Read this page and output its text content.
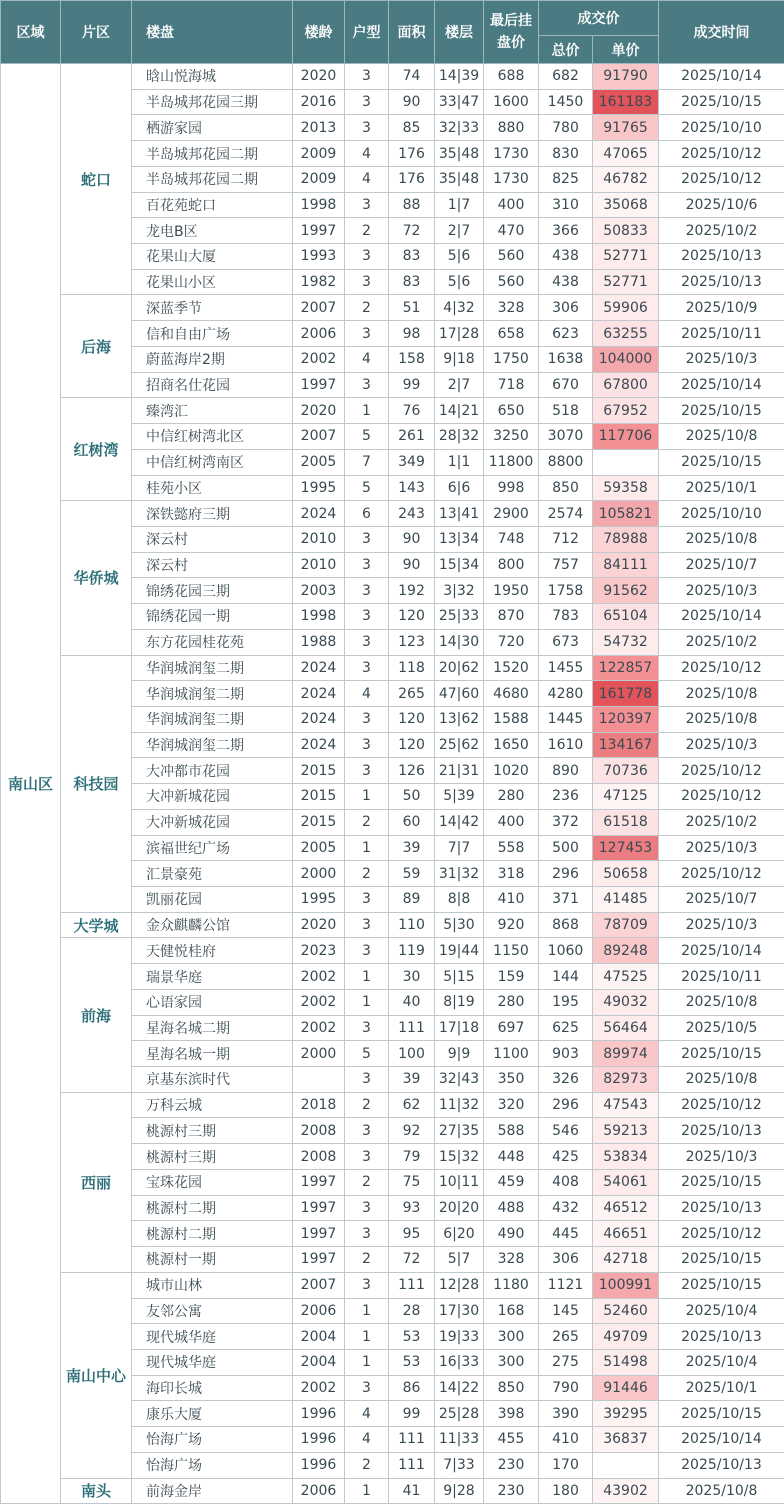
区域	片区	楼盘	楼龄	户型	面积	楼层	最后挂盘价	成交价		成交时间
								总价	单价	
南山区	蛇口	晗山悦海城	2020	3	74	14|39	688	682	91790	2025/10/14
		半岛城邦花园三期	2016	3	90	33|47	1600	1450	161183	2025/10/15
		栖游家园	2013	3	85	32|33	880	780	91765	2025/10/10
		半岛城邦花园二期	2009	4	176	35|48	1730	830	47065	2025/10/12
		半岛城邦花园二期	2009	4	176	35|48	1730	825	46782	2025/10/12
		百花苑蛇口	1998	3	88	1|7	400	310	35068	2025/10/6
		龙电B区	1997	2	72	2|7	470	366	50833	2025/10/2
		花果山大厦	1993	3	83	5|6	560	438	52771	2025/10/13
		花果山小区	1982	3	83	5|6	560	438	52771	2025/10/13
	后海	深蓝季节	2007	2	51	4|32	328	306	59906	2025/10/9
		信和自由广场	2006	3	98	17|28	658	623	63255	2025/10/11
		蔚蓝海岸2期	2002	4	158	9|18	1750	1638	104000	2025/10/3
		招商名仕花园	1997	3	99	2|7	718	670	67800	2025/10/14
	红树湾	臻湾汇	2020	1	76	14|21	650	518	67952	2025/10/15
		中信红树湾北区	2007	5	261	28|32	3250	3070	117706	2025/10/8
		中信红树湾南区	2005	7	349	1|1	11800	8800		2025/10/15
		桂苑小区	1995	5	143	6|6	998	850	59358	2025/10/1
	华侨城	深铁懿府三期	2024	6	243	13|41	2900	2574	105821	2025/10/10
		深云村	2010	3	90	13|34	748	712	78988	2025/10/8
		深云村	2010	3	90	15|34	800	757	84111	2025/10/7
		锦绣花园三期	2003	3	192	3|32	1950	1758	91562	2025/10/3
		锦绣花园一期	1998	3	120	25|33	870	783	65104	2025/10/14
		东方花园桂花苑	1988	3	123	14|30	720	673	54732	2025/10/2
	科技园	华润城润玺二期	2024	3	118	20|62	1520	1455	122857	2025/10/12
		华润城润玺二期	2024	4	265	47|60	4680	4280	161778	2025/10/8
		华润城润玺二期	2024	3	120	13|62	1588	1445	120397	2025/10/8
		华润城润玺二期	2024	3	120	25|62	1650	1610	134167	2025/10/3
		大冲都市花园	2015	3	126	21|31	1020	890	70736	2025/10/12
		大冲新城花园	2015	1	50	5|39	280	236	47125	2025/10/12
		大冲新城花园	2015	2	60	14|42	400	372	61518	2025/10/2
		滨福世纪广场	2005	1	39	7|7	558	500	127453	2025/10/3
		汇景豪苑	2000	2	59	31|32	318	296	50658	2025/10/12
		凯丽花园	1995	3	89	8|8	410	371	41485	2025/10/7
	大学城	金众麒麟公馆	2020	3	110	5|30	920	868	78709	2025/10/3
	前海	天健悦桂府	2023	3	119	19|44	1150	1060	89248	2025/10/14
		瑞景华庭	2002	1	30	5|15	159	144	47525	2025/10/11
		心语家园	2002	1	40	8|19	280	195	49032	2025/10/8
		星海名城二期	2002	3	111	17|18	697	625	56464	2025/10/5
		星海名城一期	2000	5	100	9|9	1100	903	89974	2025/10/15
		京基东滨时代		3	39	32|43	350	326	82973	2025/10/8
	西丽	万科云城	2018	2	62	11|32	320	296	47543	2025/10/12
		桃源村三期	2008	3	92	27|35	588	546	59213	2025/10/13
		桃源村三期	2008	3	79	15|32	448	425	53834	2025/10/3
		宝珠花园	1997	2	75	10|11	459	408	54061	2025/10/15
		桃源村二期	1997	3	93	20|20	488	432	46512	2025/10/13
		桃源村二期	1997	3	95	6|20	490	445	46651	2025/10/12
		桃源村一期	1997	2	72	5|7	328	306	42718	2025/10/15
	南山中心	城市山林	2007	3	111	12|28	1180	1121	100991	2025/10/15
		友邻公寓	2006	1	28	17|30	168	145	52460	2025/10/4
		现代城华庭	2004	1	53	19|33	300	265	49709	2025/10/13
		现代城华庭	2004	1	53	16|33	300	275	51498	2025/10/4
		海印长城	2002	3	86	14|22	850	790	91446	2025/10/1
		康乐大厦	1996	4	99	25|28	398	390	39295	2025/10/15
		怡海广场	1996	4	111	11|33	455	410	36837	2025/10/14
		怡海广场	1996	2	111	7|33	230	170		2025/10/13
	南头	前海金岸	2006	1	41	9|28	230	180	43902	2025/10/8
